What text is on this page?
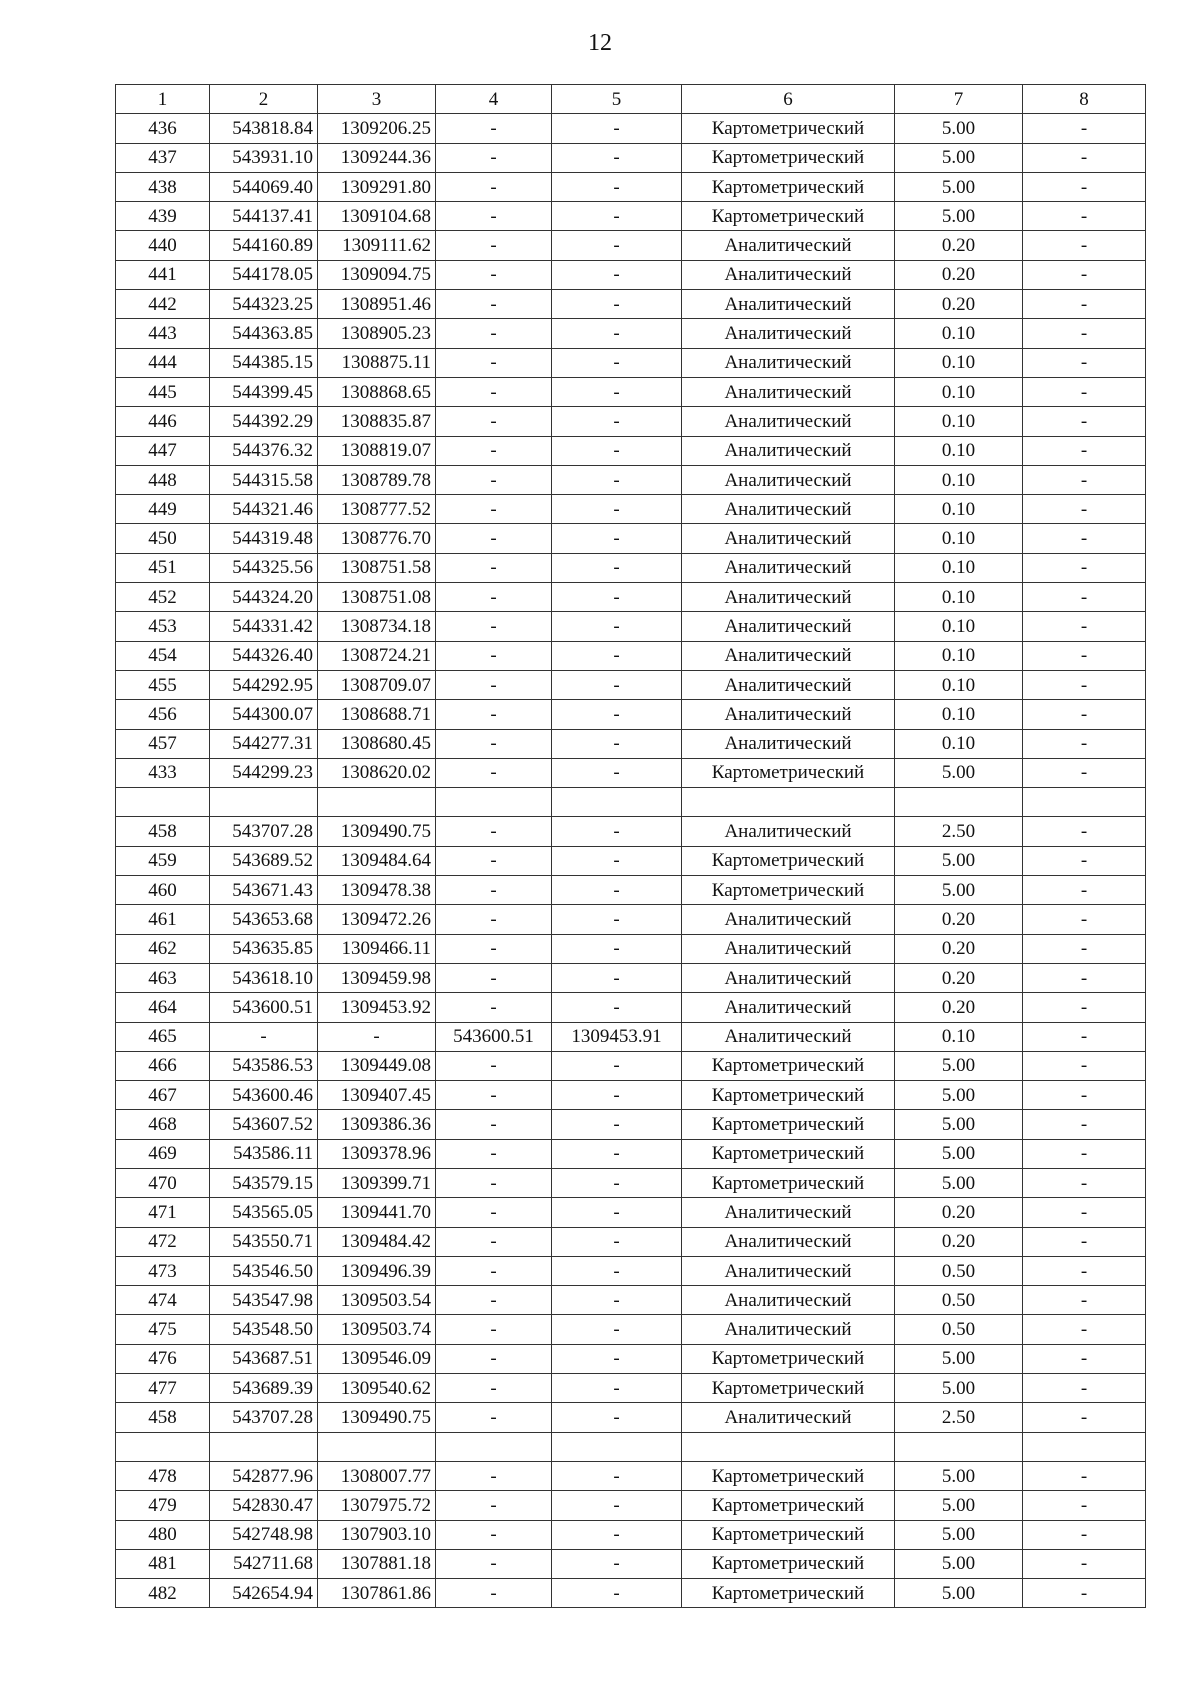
12
1	2	3	4	5	6	7	8
436	543818.84	1309206.25	-	-	Картометрический	5.00	-
437	543931.10	1309244.36	-	-	Картометрический	5.00	-
438	544069.40	1309291.80	-	-	Картометрический	5.00	-
439	544137.41	1309104.68	-	-	Картометрический	5.00	-
440	544160.89	1309111.62	-	-	Аналитический	0.20	-
441	544178.05	1309094.75	-	-	Аналитический	0.20	-
442	544323.25	1308951.46	-	-	Аналитический	0.20	-
443	544363.85	1308905.23	-	-	Аналитический	0.10	-
444	544385.15	1308875.11	-	-	Аналитический	0.10	-
445	544399.45	1308868.65	-	-	Аналитический	0.10	-
446	544392.29	1308835.87	-	-	Аналитический	0.10	-
447	544376.32	1308819.07	-	-	Аналитический	0.10	-
448	544315.58	1308789.78	-	-	Аналитический	0.10	-
449	544321.46	1308777.52	-	-	Аналитический	0.10	-
450	544319.48	1308776.70	-	-	Аналитический	0.10	-
451	544325.56	1308751.58	-	-	Аналитический	0.10	-
452	544324.20	1308751.08	-	-	Аналитический	0.10	-
453	544331.42	1308734.18	-	-	Аналитический	0.10	-
454	544326.40	1308724.21	-	-	Аналитический	0.10	-
455	544292.95	1308709.07	-	-	Аналитический	0.10	-
456	544300.07	1308688.71	-	-	Аналитический	0.10	-
457	544277.31	1308680.45	-	-	Аналитический	0.10	-
433	544299.23	1308620.02	-	-	Картометрический	5.00	-

458	543707.28	1309490.75	-	-	Аналитический	2.50	-
459	543689.52	1309484.64	-	-	Картометрический	5.00	-
460	543671.43	1309478.38	-	-	Картометрический	5.00	-
461	543653.68	1309472.26	-	-	Аналитический	0.20	-
462	543635.85	1309466.11	-	-	Аналитический	0.20	-
463	543618.10	1309459.98	-	-	Аналитический	0.20	-
464	543600.51	1309453.92	-	-	Аналитический	0.20	-
465	-	-	543600.51	1309453.91	Аналитический	0.10	-
466	543586.53	1309449.08	-	-	Картометрический	5.00	-
467	543600.46	1309407.45	-	-	Картометрический	5.00	-
468	543607.52	1309386.36	-	-	Картометрический	5.00	-
469	543586.11	1309378.96	-	-	Картометрический	5.00	-
470	543579.15	1309399.71	-	-	Картометрический	5.00	-
471	543565.05	1309441.70	-	-	Аналитический	0.20	-
472	543550.71	1309484.42	-	-	Аналитический	0.20	-
473	543546.50	1309496.39	-	-	Аналитический	0.50	-
474	543547.98	1309503.54	-	-	Аналитический	0.50	-
475	543548.50	1309503.74	-	-	Аналитический	0.50	-
476	543687.51	1309546.09	-	-	Картометрический	5.00	-
477	543689.39	1309540.62	-	-	Картометрический	5.00	-
458	543707.28	1309490.75	-	-	Аналитический	2.50	-

478	542877.96	1308007.77	-	-	Картометрический	5.00	-
479	542830.47	1307975.72	-	-	Картометрический	5.00	-
480	542748.98	1307903.10	-	-	Картометрический	5.00	-
481	542711.68	1307881.18	-	-	Картометрический	5.00	-
482	542654.94	1307861.86	-	-	Картометрический	5.00	-
